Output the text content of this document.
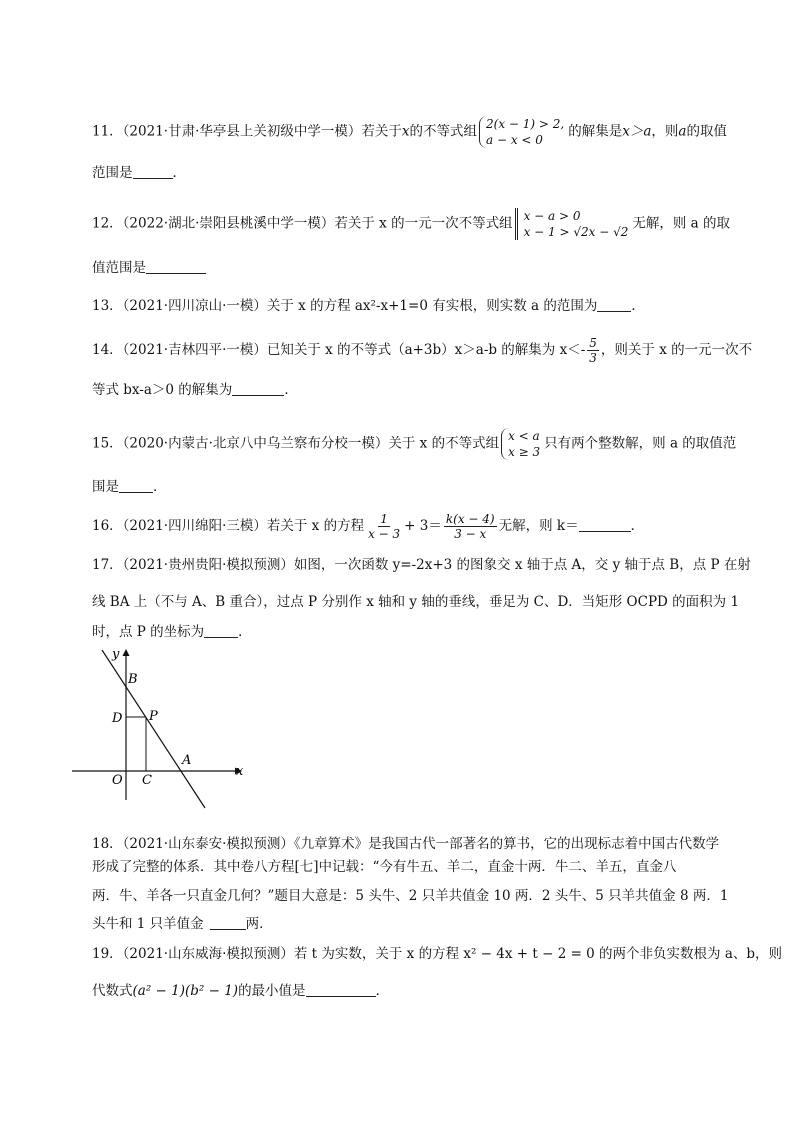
11．（2021·甘肃·华亭县上关初级中学一模）若关于x的不等式组 2(x − 1) > 2,
a − x < 0
的解集是x＞a，则a的取值
范围是	．
12．（2022·湖北·崇阳县桃溪中学一模）若关于 x 的一元一次不等式组 x − a > 0
x − 1 > √2x − √2
无解，则 a 的取
值范围是
13．（2021·四川凉山·一模）关于 x 的方程 ax²-x+1=0 有实根，则实数 a 的范围为	．
14．（2021·吉林四平·一模）已知关于 x 的不等式（a+3b）x＞a-b 的解集为 $x<- \frac{5}{3}$ ，则关于 x 的一元一次不
等式 bx-a＞0 的解集为	．
15．（2020·内蒙古·北京八中乌兰察布分校一模）关于 x 的不等式组 x < a
x ≥ 3
只有两个整数解，则 a 的取值范
围是	．
16．（2021·四川绵阳·三模）若关于 x 的方程 $\frac{1}{x - 3} + 3= \frac{k(x - 4)}{3 - x}$ 无解，则 k＝	．
17．（2021·贵州贵阳·模拟预测）如图，一次函数 y=-2x+3 的图象交 x 轴于点 A，交 y 轴于点 B，点 P 在射
线 BA 上（不与 A、B 重合），过点 P 分别作 x 轴和 y 轴的垂线，垂足为 C、D．当矩形 OCPD 的面积为 1
时，点 P 的坐标为	．
y
x
B
D P
O C
A
18．（2021·山东泰安·模拟预测）《九章算术》是我国古代一部著名的算书，它的出现标志着中国古代数学
形成了完整的体系．其中卷八方程[七]中记载：“今有牛五、羊二，直金十两．牛二、羊五，直金八
两．牛、羊各一只直金几何？”题目大意是：5 头牛、2 只羊共值金 10 两．2 头牛、5 只羊共值金 8 两．1
头牛和 1 只羊值金	两．
19．（2021·山东威海·模拟预测）若 t 为实数，关于 x 的方程 x² − 4x + t − 2 = 0 的两个非负实数根为 a、b，则
代数式(a² − 1)(b² − 1)的最小值是	．
